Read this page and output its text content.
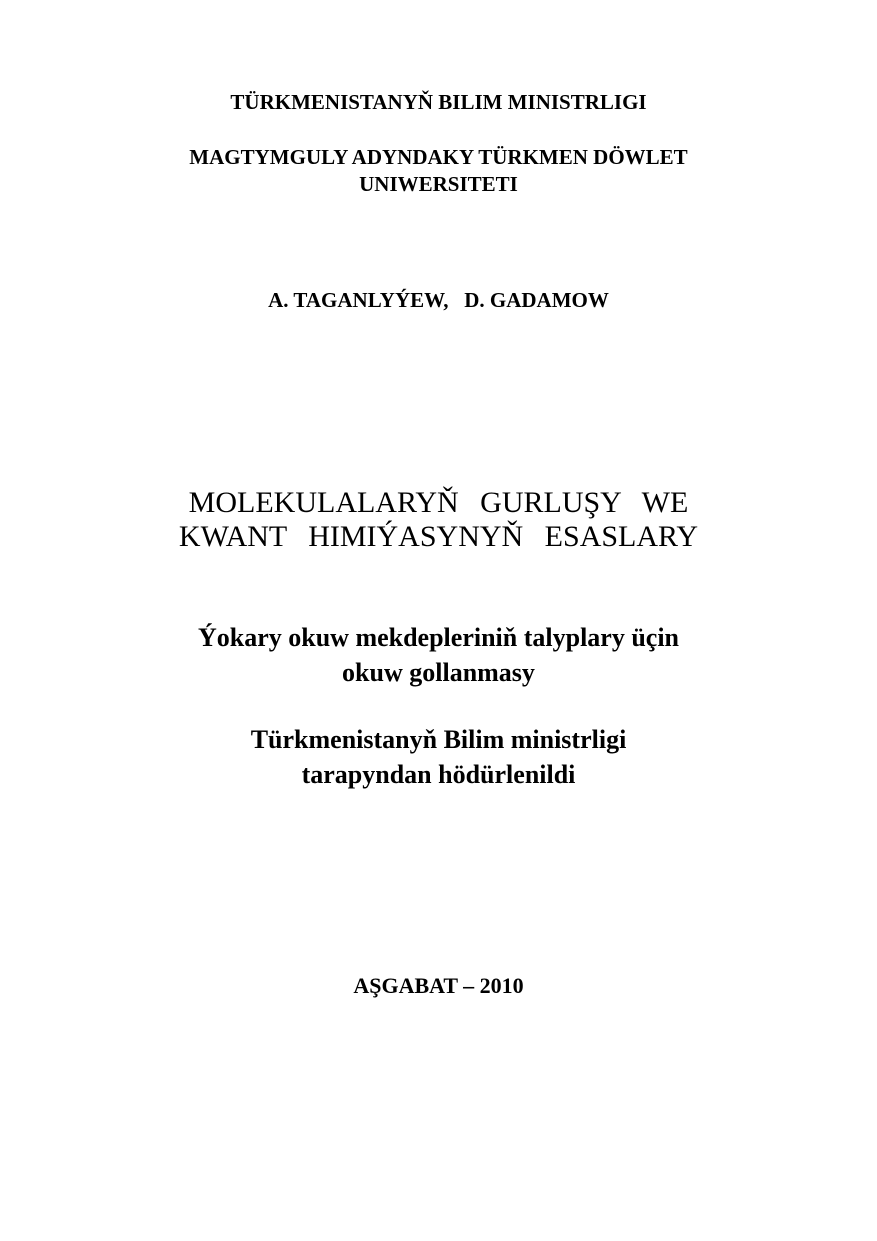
TÜRKMENISTANYŇ BILIM MINISTRLIGI
MAGTYMGULY ADYNDAKY TÜRKMEN DÖWLET
UNIWERSITETI
A. TAGANLYÝEW,   D. GADAMOW
MOLEKULALARYŇ GURLUŞY WE
KWANT HIMIÝASYNYŇ ESASLARY
Ýokary okuw mekdepleriniň talyplary üçin
okuw gollanmasy
Türkmenistanyň Bilim ministrligi
tarapyndan hödürlenildi
AŞGABAT – 2010
